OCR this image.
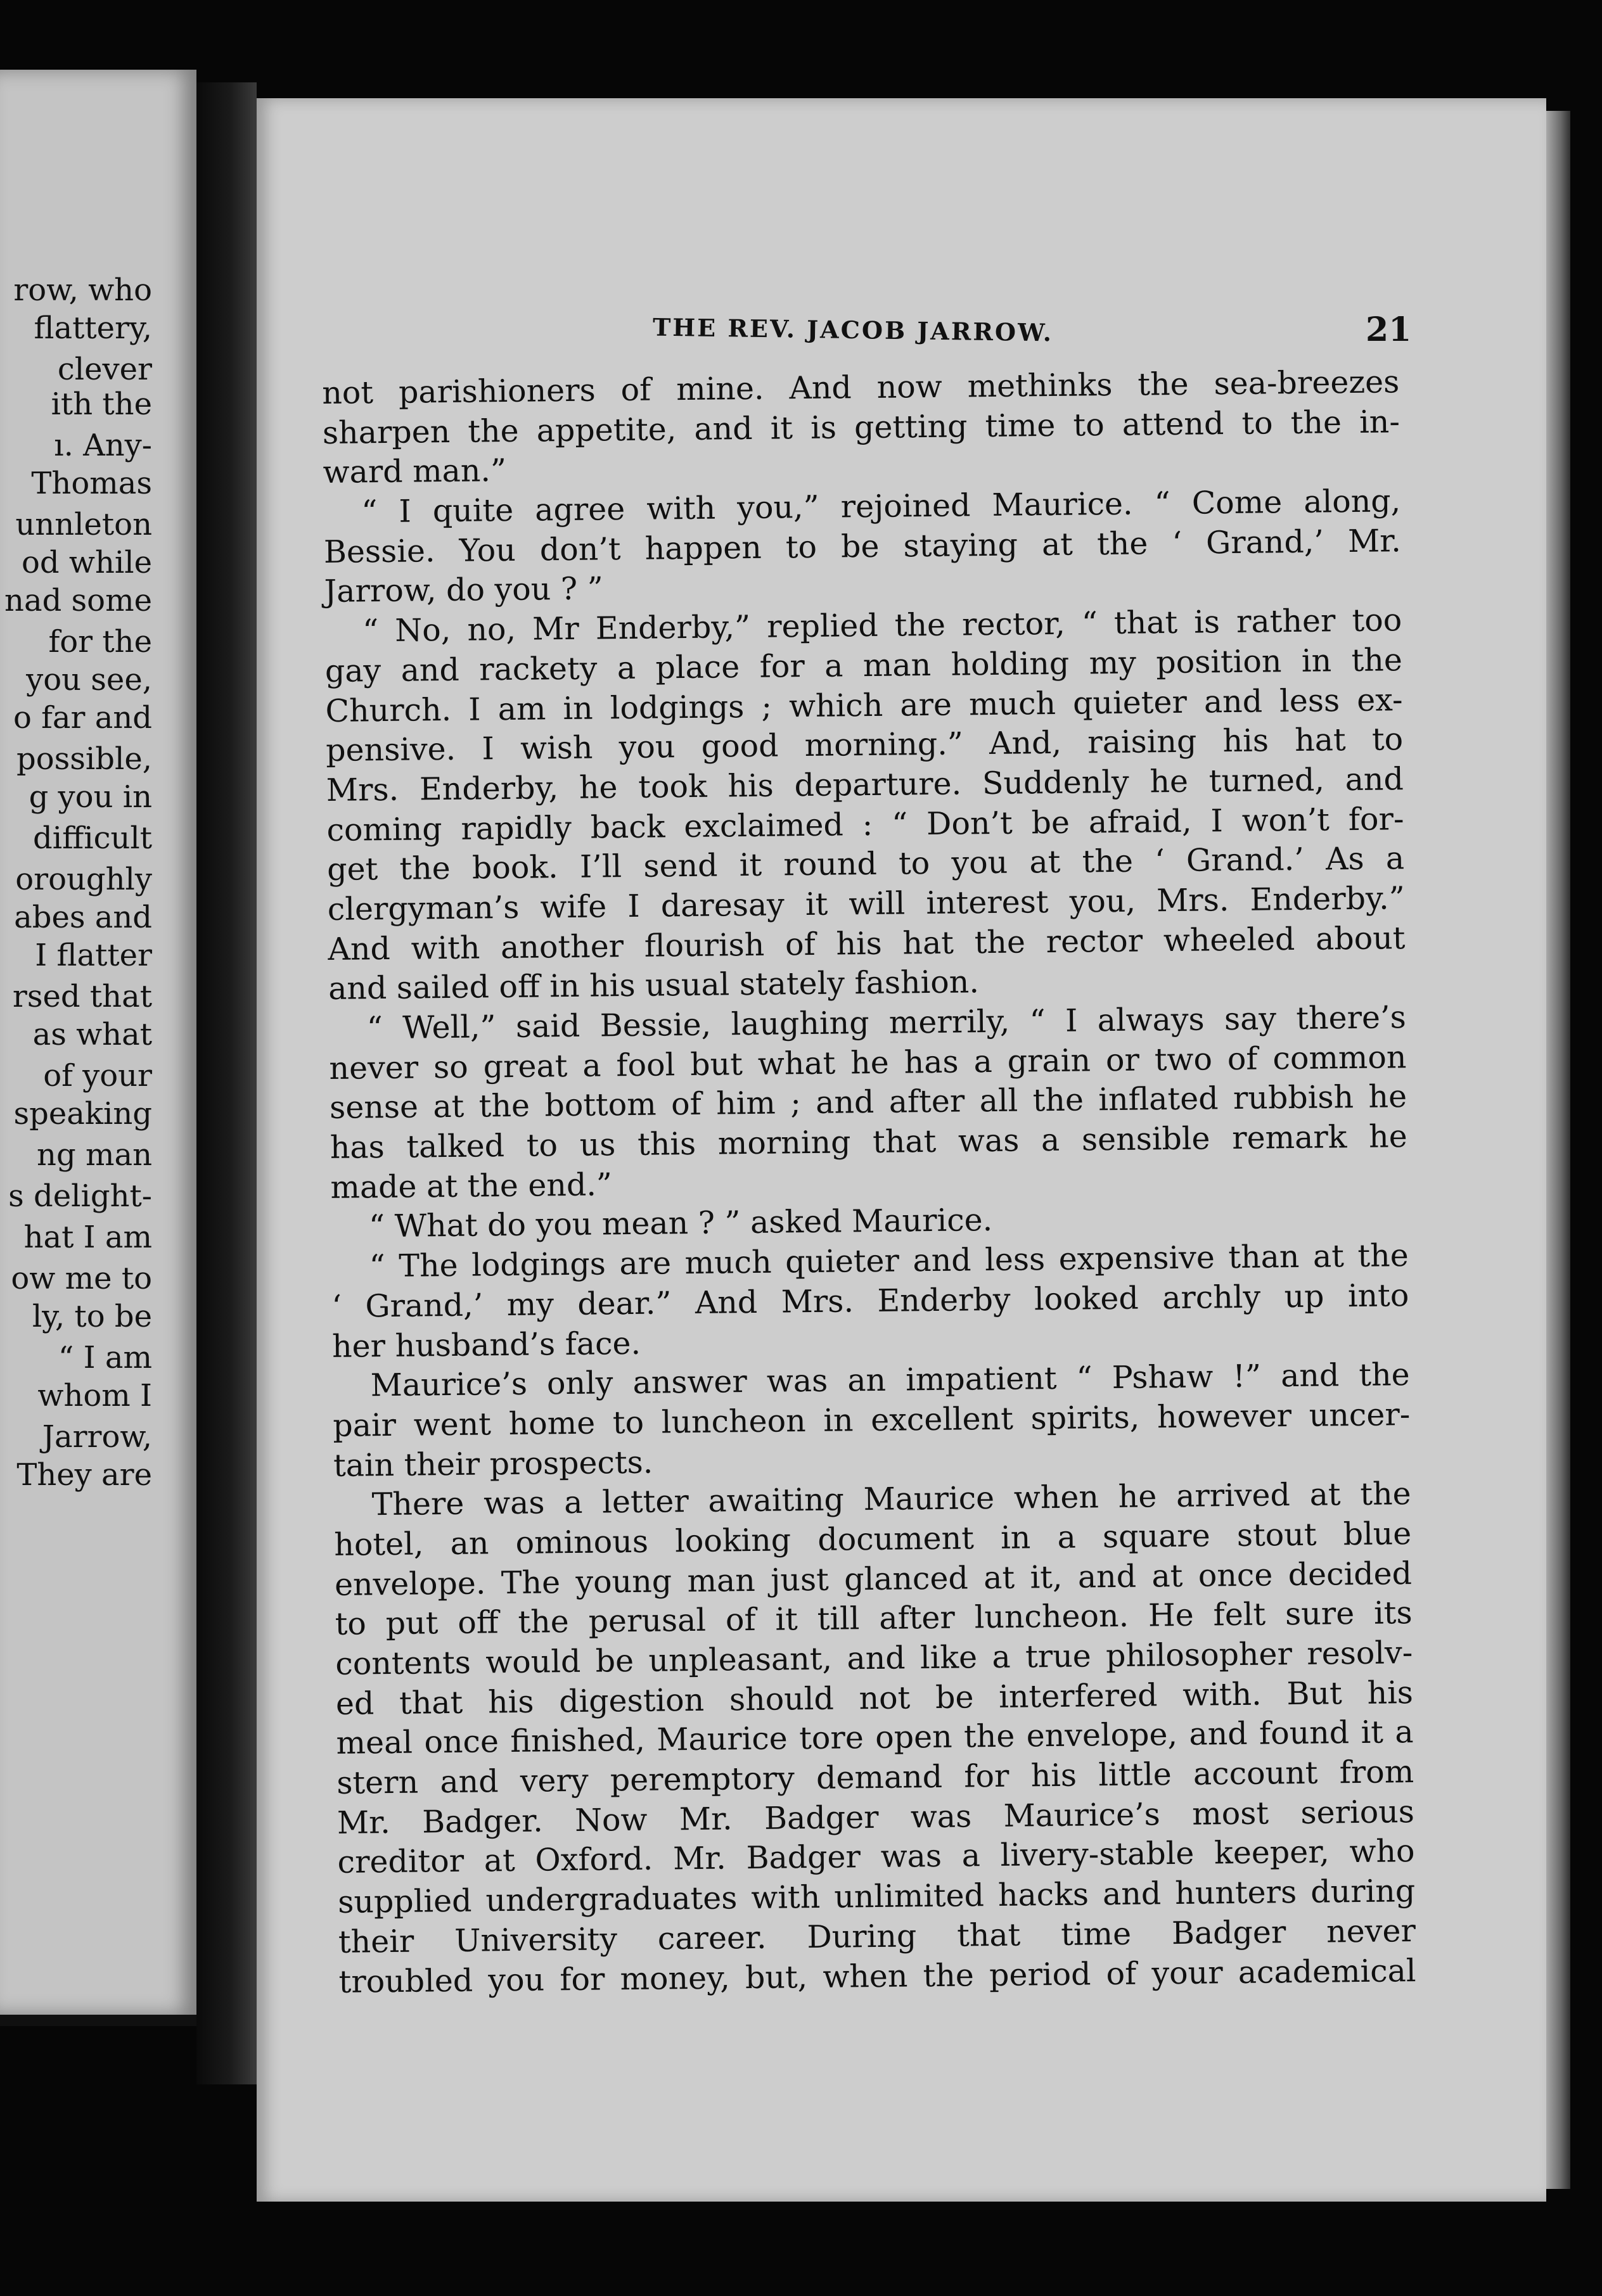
row, who
flattery,
clever
ith the
ı. Any-
Thomas
unnleton
od while
nad some
for the
you see,
o far and
possible,
g you in
difficult
oroughly
abes and
I flatter
rsed that
as what
of your
speaking
ng man
s delight-
hat I am
ow me to
ly, to be
“ I am
whom I
Jarrow,
They are
THE REV. JACOB JARROW.	21
not parishioners of mine. And now methinks the sea-breezes
sharpen the appetite, and it is getting time to attend to the in-
ward man.”
“ I quite agree with you,” rejoined Maurice. “ Come along,
Bessie. You don’t happen to be staying at the ‘ Grand,’ Mr.
Jarrow, do you ? ”
“ No, no, Mr Enderby,” replied the rector, “ that is rather too
gay and rackety a place for a man holding my position in the
Church. I am in lodgings ; which are much quieter and less ex-
pensive. I wish you good morning.” And, raising his hat to
Mrs. Enderby, he took his departure. Suddenly he turned, and
coming rapidly back exclaimed : “ Don’t be afraid, I won’t for-
get the book. I’ll send it round to you at the ‘ Grand.’ As a
clergyman’s wife I daresay it will interest you, Mrs. Enderby.”
And with another flourish of his hat the rector wheeled about
and sailed off in his usual stately fashion.
“ Well,” said Bessie, laughing merrily, “ I always say there’s
never so great a fool but what he has a grain or two of common
sense at the bottom of him ; and after all the inflated rubbish he
has talked to us this morning that was a sensible remark he
made at the end.”
“ What do you mean ? ” asked Maurice.
“ The lodgings are much quieter and less expensive than at the
‘ Grand,’ my dear.” And Mrs. Enderby looked archly up into
her husband’s face.
Maurice’s only answer was an impatient “ Pshaw !” and the
pair went home to luncheon in excellent spirits, however uncer-
tain their prospects.
There was a letter awaiting Maurice when he arrived at the
hotel, an ominous looking document in a square stout blue
envelope. The young man just glanced at it, and at once decided
to put off the perusal of it till after luncheon. He felt sure its
contents would be unpleasant, and like a true philosopher resolv-
ed that his digestion should not be interfered with. But his
meal once finished, Maurice tore open the envelope, and found it a
stern and very peremptory demand for his little account from
Mr. Badger. Now Mr. Badger was Maurice’s most serious
creditor at Oxford. Mr. Badger was a livery-stable keeper, who
supplied undergraduates with unlimited hacks and hunters during
their University career. During that time Badger never
troubled you for money, but, when the period of your academical
